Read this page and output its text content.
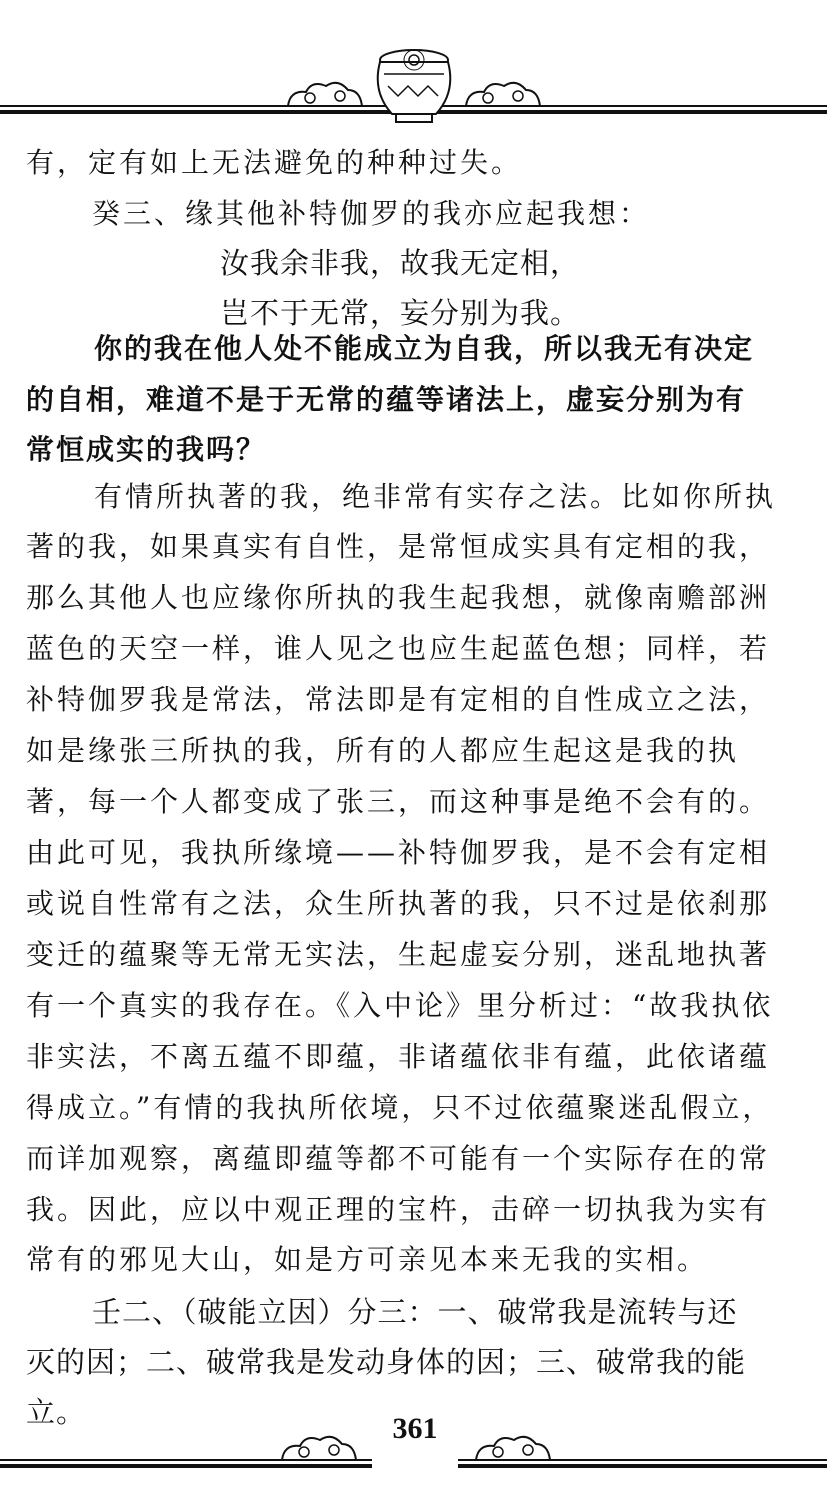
有，定有如上无法避免的种种过失。
癸三、缘其他补特伽罗的我亦应起我想：
汝我余非我，故我无定相，
岂不于无常，妄分别为我。
你的我在他人处不能成立为自我，所以我无有决定
的自相，难道不是于无常的蕴等诸法上，虚妄分别为有
常恒成实的我吗？
有情所执著的我，绝非常有实存之法。比如你所执
著的我，如果真实有自性，是常恒成实具有定相的我，
那么其他人也应缘你所执的我生起我想，就像南赡部洲
蓝色的天空一样，谁人见之也应生起蓝色想；同样，若
补特伽罗我是常法，常法即是有定相的自性成立之法，
如是缘张三所执的我，所有的人都应生起这是我的执
著，每一个人都变成了张三，而这种事是绝不会有的。
由此可见，我执所缘境——补特伽罗我，是不会有定相
或说自性常有之法，众生所执著的我，只不过是依刹那
变迁的蕴聚等无常无实法，生起虚妄分别，迷乱地执著
有一个真实的我存在。《入中论》里分析过：“故我执依
非实法，不离五蕴不即蕴，非诸蕴依非有蕴，此依诸蕴
得成立。”有情的我执所依境，只不过依蕴聚迷乱假立，
而详加观察，离蕴即蕴等都不可能有一个实际存在的常
我。因此，应以中观正理的宝杵，击碎一切执我为实有
常有的邪见大山，如是方可亲见本来无我的实相。
壬二、（破能立因）分三：一、破常我是流转与还
灭的因；二、破常我是发动身体的因；三、破常我的能
立。	361
